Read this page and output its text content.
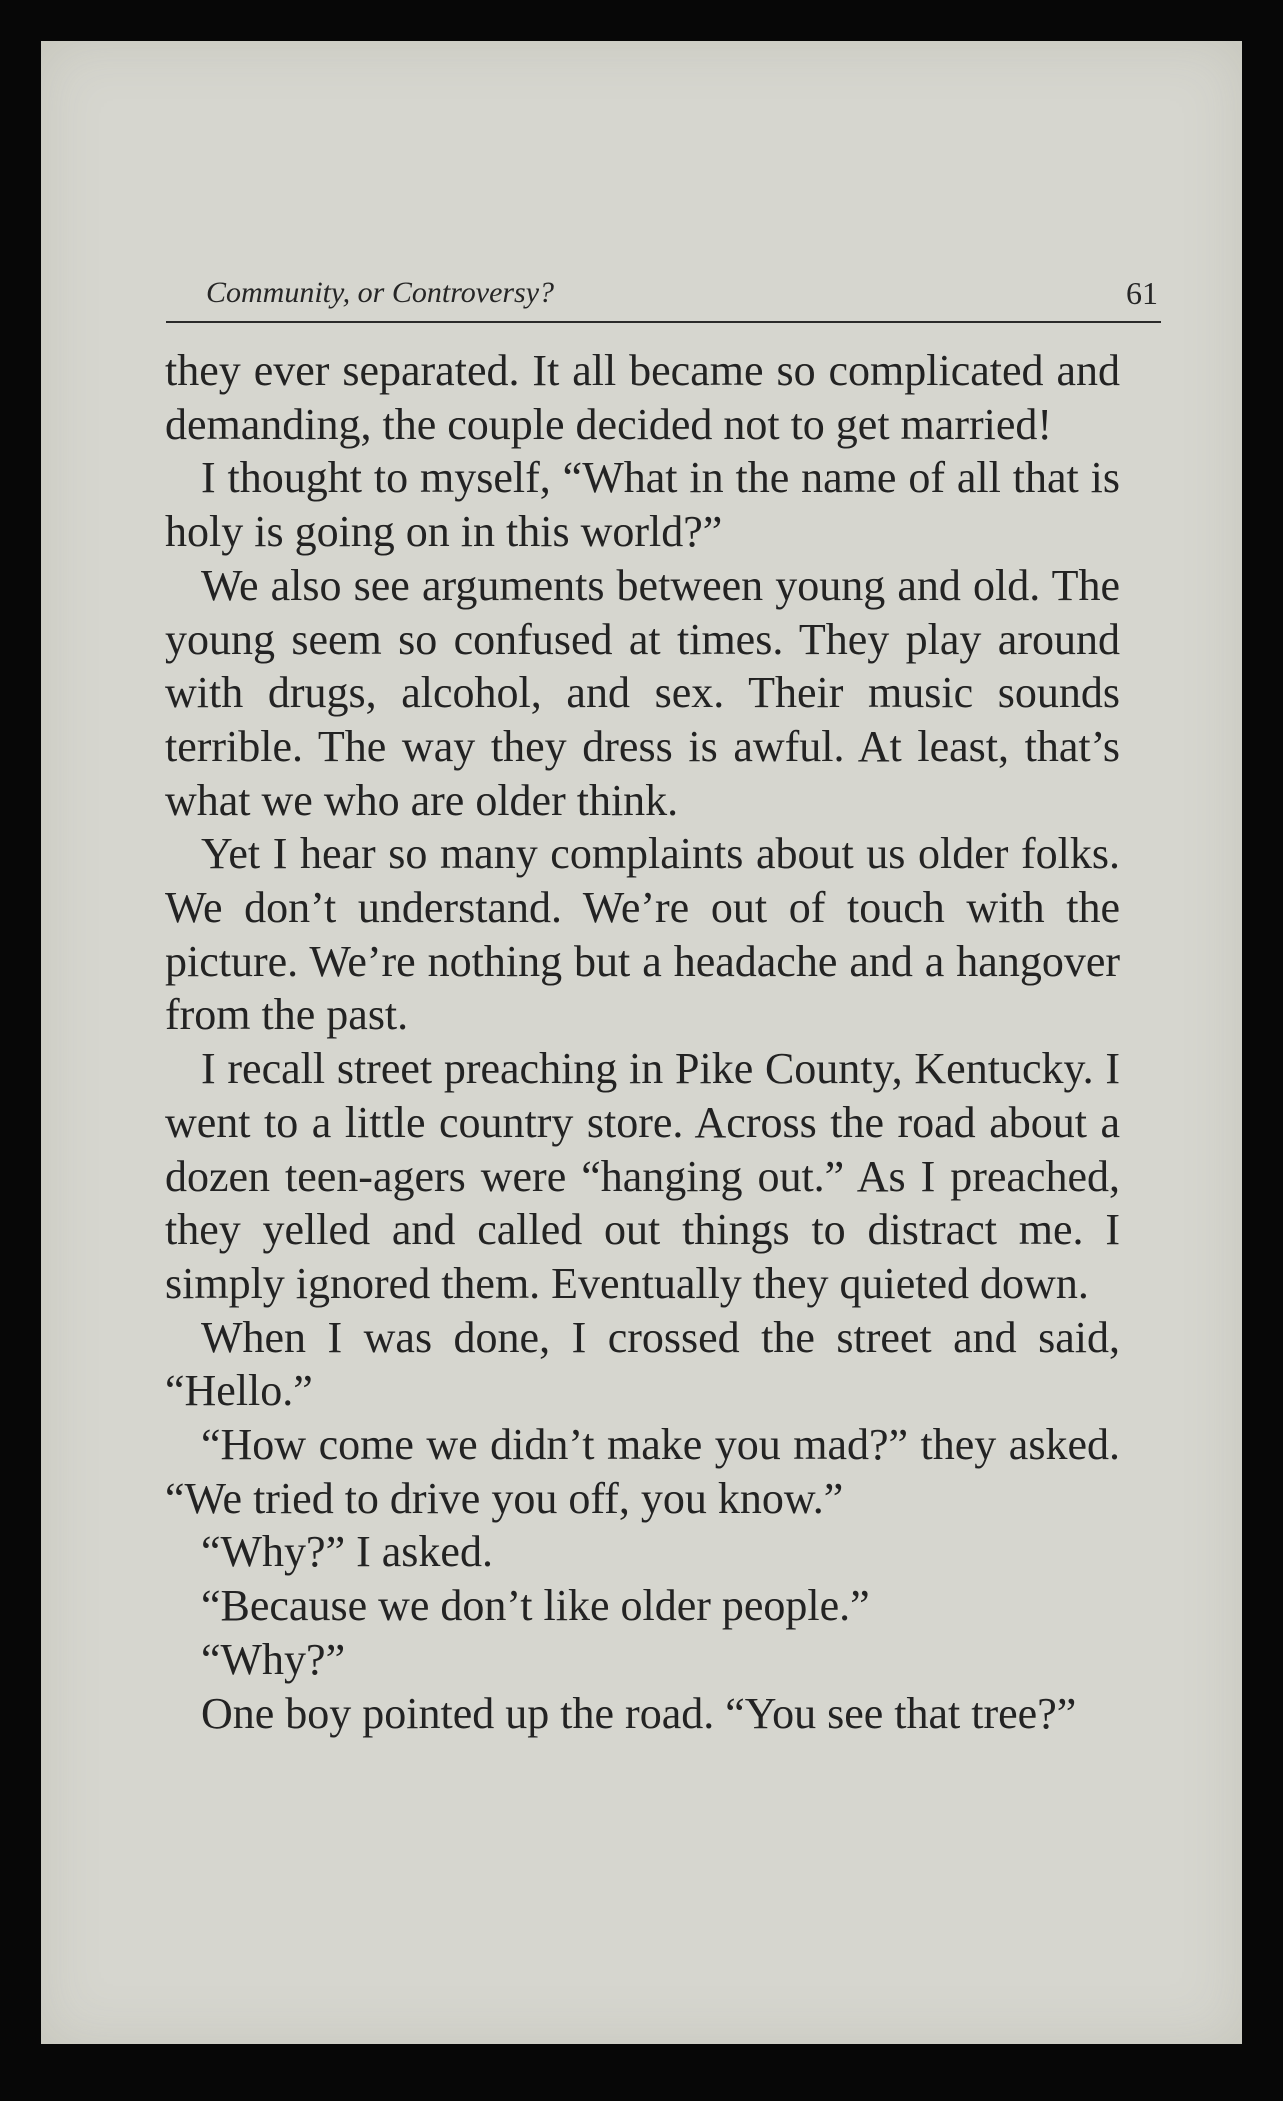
Community, or Controversy?	61

they ever separated. It all became so complicated and demanding, the couple decided not to get married!

I thought to myself, “What in the name of all that is holy is going on in this world?”

We also see arguments between young and old. The young seem so confused at times. They play around with drugs, alcohol, and sex. Their music sounds terrible. The way they dress is awful. At least, that’s what we who are older think.

Yet I hear so many complaints about us older folks. We don’t understand. We’re out of touch with the picture. We’re nothing but a headache and a hangover from the past.

I recall street preaching in Pike County, Kentucky. I went to a little country store. Across the road about a dozen teen-agers were “hanging out.” As I preached, they yelled and called out things to distract me. I simply ignored them. Eventually they quieted down.

When I was done, I crossed the street and said, “Hello.”

“How come we didn’t make you mad?” they asked. “We tried to drive you off, you know.”

“Why?” I asked.

“Because we don’t like older people.”

“Why?”

One boy pointed up the road. “You see that tree?”
